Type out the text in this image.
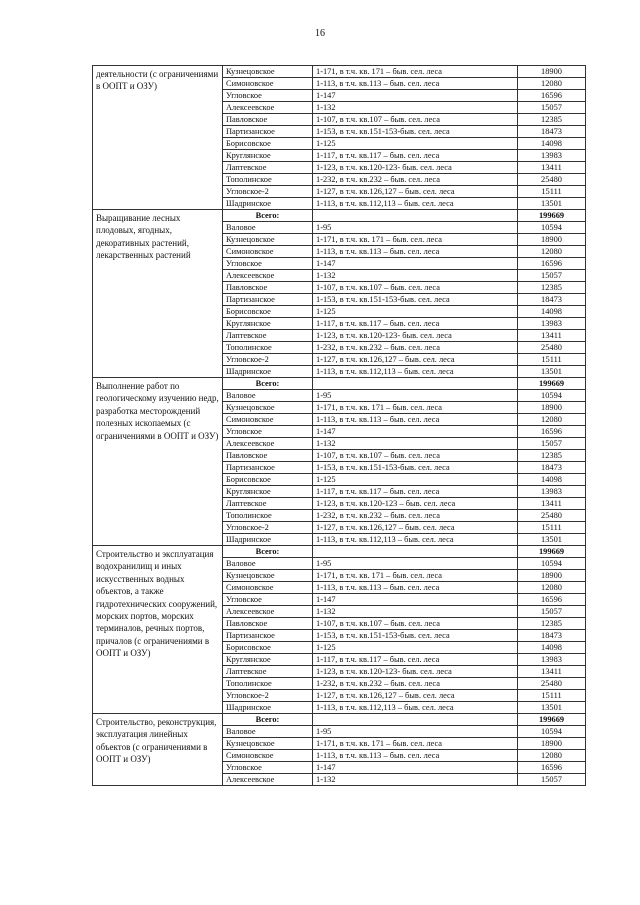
16
деятельности (с ограничениями в ООПТ и ОЗУ)	Кузнецовское	1-171, в т.ч. кв. 171 – быв. сел. леса	18900
	Симоновское	1-113, в т.ч. кв.113 – быв. сел. леса	12080
	Угловское	1-147	16596
	Алексеевское	1-132	15057
	Павловское	1-107, в т.ч. кв.107 – быв. сел. леса	12385
	Партизанское	1-153, в т.ч. кв.151-153-быв. сел. леса	18473
	Борисовское	1-125	14098
	Круглянское	1-117, в т.ч. кв.117 – быв. сел. леса	13983
	Лаптевское	1-123, в т.ч. кв.120-123- быв. сел. леса	13411
	Тополинское	1-232, в т.ч. кв.232 – быв. сел. леса	25480
	Угловское-2	1-127, в т.ч. кв.126,127 – быв. сел. леса	15111
	Шадринское	1-113, в т.ч. кв.112,113 – быв. сел. леса	13501
Выращивание лесных плодовых, ягодных, декоративных растений, лекарственных растений	Всего:		199669
	Валовое	1-95	10594
	Кузнецовское	1-171, в т.ч. кв. 171 – быв. сел. леса	18900
	Симоновское	1-113, в т.ч. кв.113 – быв. сел. леса	12080
	Угловское	1-147	16596
	Алексеевское	1-132	15057
	Павловское	1-107, в т.ч. кв.107 – быв. сел. леса	12385
	Партизанское	1-153, в т.ч. кв.151-153-быв. сел. леса	18473
	Борисовское	1-125	14098
	Круглянское	1-117, в т.ч. кв.117 – быв. сел. леса	13983
	Лаптевское	1-123, в т.ч. кв.120-123- быв. сел. леса	13411
	Тополинское	1-232, в т.ч. кв.232 – быв. сел. леса	25480
	Угловское-2	1-127, в т.ч. кв.126,127 – быв. сел. леса	15111
	Шадринское	1-113, в т.ч. кв.112,113 – быв. сел. леса	13501
Выполнение работ по геологическому изучению недр, разработка месторождений полезных ископаемых (с ограничениями в ООПТ и ОЗУ)	Всего:		199669
	Валовое	1-95	10594
	Кузнецовское	1-171, в т.ч. кв. 171 – быв. сел. леса	18900
	Симоновское	1-113, в т.ч. кв.113 – быв. сел. леса	12080
	Угловское	1-147	16596
	Алексеевское	1-132	15057
	Павловское	1-107, в т.ч. кв.107 – быв. сел. леса	12385
	Партизанское	1-153, в т.ч. кв.151-153-быв. сел. леса	18473
	Борисовское	1-125	14098
	Круглянское	1-117, в т.ч. кв.117 – быв. сел. леса	13983
	Лаптевское	1-123, в т.ч. кв.120-123 – быв. сел. леса	13411
	Тополинское	1-232, в т.ч. кв.232 – быв. сел. леса	25480
	Угловское-2	1-127, в т.ч. кв.126,127 – быв. сел. леса	15111
	Шадринское	1-113, в т.ч. кв.112,113 – быв. сел. леса	13501
Строительство и эксплуатация водохранилищ и иных искусственных водных объектов, а также гидротехнических сооружений, морских портов, морских терминалов, речных портов, причалов (с ограничениями в ООПТ и ОЗУ)	Всего:		199669
	Валовое	1-95	10594
	Кузнецовское	1-171, в т.ч. кв. 171 – быв. сел. леса	18900
	Симоновское	1-113, в т.ч. кв.113 – быв. сел. леса	12080
	Угловское	1-147	16596
	Алексеевское	1-132	15057
	Павловское	1-107, в т.ч. кв.107 – быв. сел. леса	12385
	Партизанское	1-153, в т.ч. кв.151-153-быв. сел. леса	18473
	Борисовское	1-125	14098
	Круглянское	1-117, в т.ч. кв.117 – быв. сел. леса	13983
	Лаптевское	1-123, в т.ч. кв.120-123- быв. сел. леса	13411
	Тополинское	1-232, в т.ч. кв.232 – быв. сел. леса	25480
	Угловское-2	1-127, в т.ч. кв.126,127 – быв. сел. леса	15111
	Шадринское	1-113, в т.ч. кв.112,113 – быв. сел. леса	13501
Строительство, реконструкция, эксплуатация линейных объектов (с ограничениями в ООПТ и ОЗУ)	Всего:		199669
	Валовое	1-95	10594
	Кузнецовское	1-171, в т.ч. кв. 171 – быв. сел. леса	18900
	Симоновское	1-113, в т.ч. кв.113 – быв. сел. леса	12080
	Угловское	1-147	16596
	Алексеевское	1-132	15057
